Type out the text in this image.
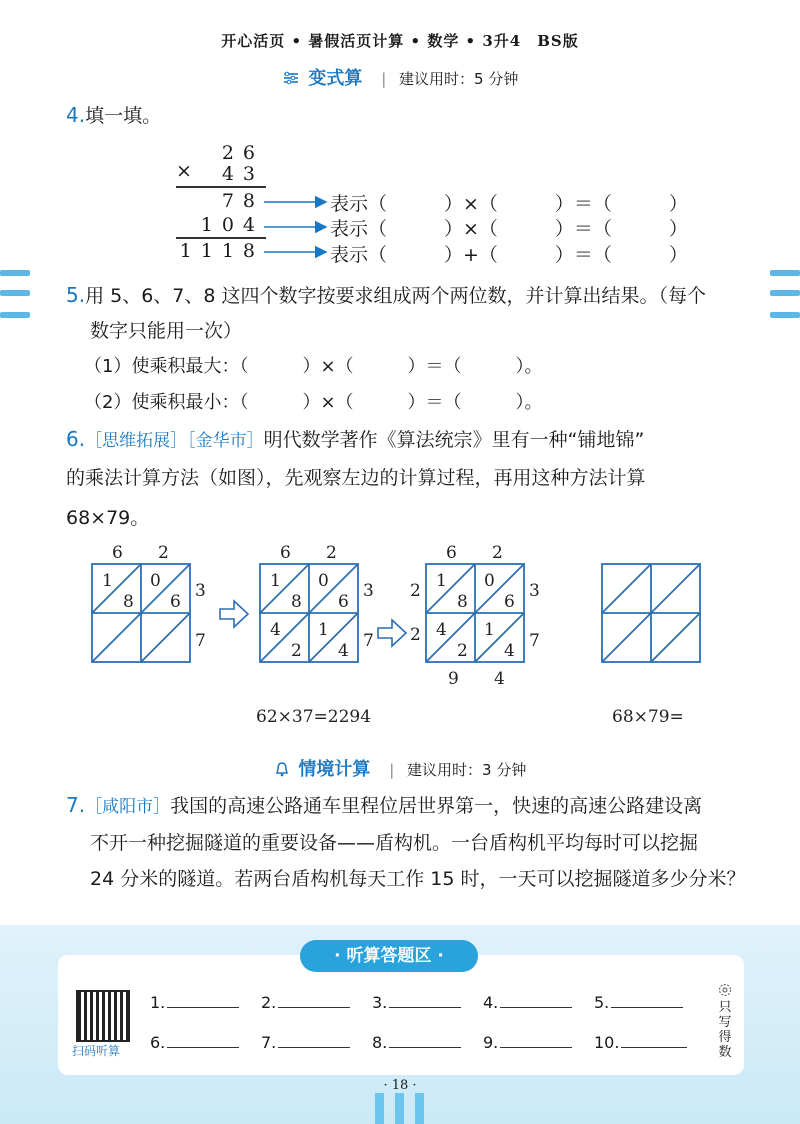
开心活页 • 暑假活页计算 • 数学 • 3升4　BS版
变式算 | 建议用时：5 分钟
4.填一填。
×
26
43
78
104
1118
表示（　　　）×（　　　）＝（　　　）
表示（　　　）×（　　　）＝（　　　）
表示（　　　）+（　　　）＝（　　　）
5.用 5、6、7、8 这四个数字按要求组成两个两位数，并计算出结果。（每个
数字只能用一次）
（1）使乘积最大：（　　　）×（　　　）＝（　　　）。
（2）使乘积最小：（　　　）×（　　　）＝（　　　）。
6.［思维拓展］［金华市］明代数学著作《算法统宗》里有一种“铺地锦”
的乘法计算方法（如图），先观察左边的计算过程，再用这种方法计算
68×79。
6 2
3
7
1
8
0
6
6 2
3
7
1
8
0
6
4
2
1
4
6 2
3
7
2
2
1
8
0
6
4
2
1
4
9 4
62×37=2294	68×79=
情境计算 | 建议用时：3 分钟
7.［咸阳市］我国的高速公路通车里程位居世界第一，快速的高速公路建设离
不开一种挖掘隧道的重要设备——盾构机。一台盾构机平均每时可以挖掘
24 分米的隧道。若两台盾构机每天工作 15 时，一天可以挖掘隧道多少分米？
· 听算答题区 ·
扫码听算
1.	2.	3.	4.	5.
6.	7.	8.	9.	10.
只写得数
· 18 ·
